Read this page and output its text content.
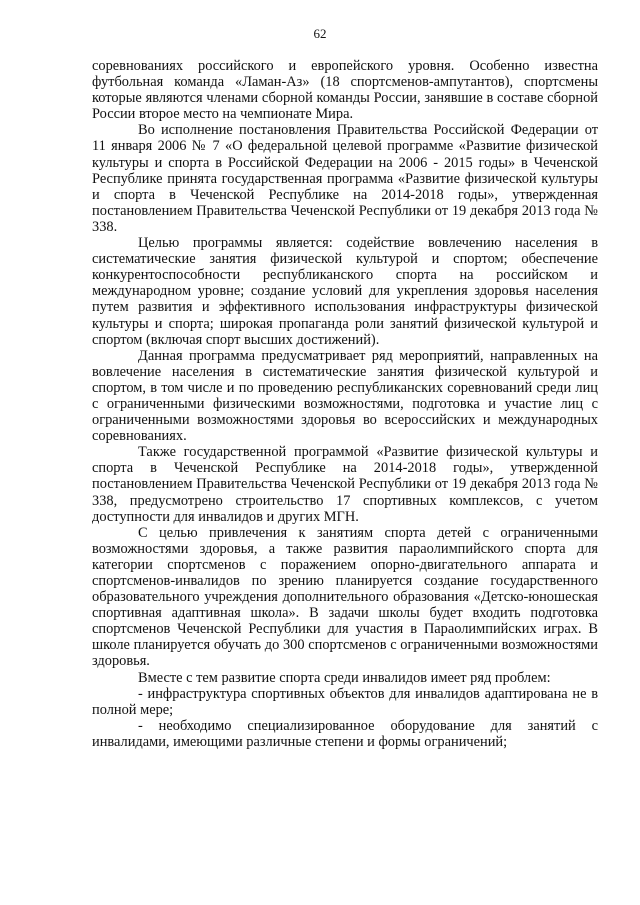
62

соревнованиях российского и европейского уровня. Особенно известна футбольная команда «Ламан-Аз» (18 спортсменов-ампутантов), спортсмены которые являются членами сборной команды России, занявшие в составе сборной России второе место на чемпионате Мира.

Во исполнение постановления Правительства Российской Федерации от 11 января 2006 № 7 «О федеральной целевой программе «Развитие физической культуры и спорта в Российской Федерации на 2006 - 2015 годы» в Чеченской Республике принята государственная программа «Развитие физической культуры и спорта в Чеченской Республике на 2014-2018 годы», утвержденная постановлением Правительства Чеченской Республики от 19 декабря 2013 года № 338.

Целью программы является: содействие вовлечению населения в систематические занятия физической культурой и спортом; обеспечение конкурентоспособности республиканского спорта на российском и международном уровне; создание условий для укрепления здоровья населения путем развития и эффективного использования инфраструктуры физической культуры и спорта; широкая пропаганда роли занятий физической культурой и спортом (включая спорт высших достижений).

Данная программа предусматривает ряд мероприятий, направленных на вовлечение населения в систематические занятия физической культурой и спортом, в том числе и по проведению республиканских соревнований среди лиц с ограниченными физическими возможностями, подготовка и участие лиц с ограниченными возможностями здоровья во всероссийских и международных соревнованиях.

Также государственной программой «Развитие физической культуры и спорта в Чеченской Республике на 2014-2018 годы», утвержденной постановлением Правительства Чеченской Республики от 19 декабря 2013 года № 338, предусмотрено строительство 17 спортивных комплексов, с учетом доступности для инвалидов и других МГН.

С целью привлечения к занятиям спорта детей с ограниченными возможностями здоровья, а также развития параолимпийского спорта для категории спортсменов с поражением опорно-двигательного аппарата и спортсменов-инвалидов по зрению планируется создание государственного образовательного учреждения дополнительного образования «Детско-юношеская спортивная адаптивная школа». В задачи школы будет входить подготовка спортсменов Чеченской Республики для участия в Параолимпийских играх. В школе планируется обучать до 300 спортсменов с ограниченными возможностями здоровья.

Вместе с тем развитие спорта среди инвалидов имеет ряд проблем:

- инфраструктура спортивных объектов для инвалидов адаптирована не в полной мере;

- необходимо специализированное оборудование для занятий с инвалидами, имеющими различные степени и формы ограничений;
